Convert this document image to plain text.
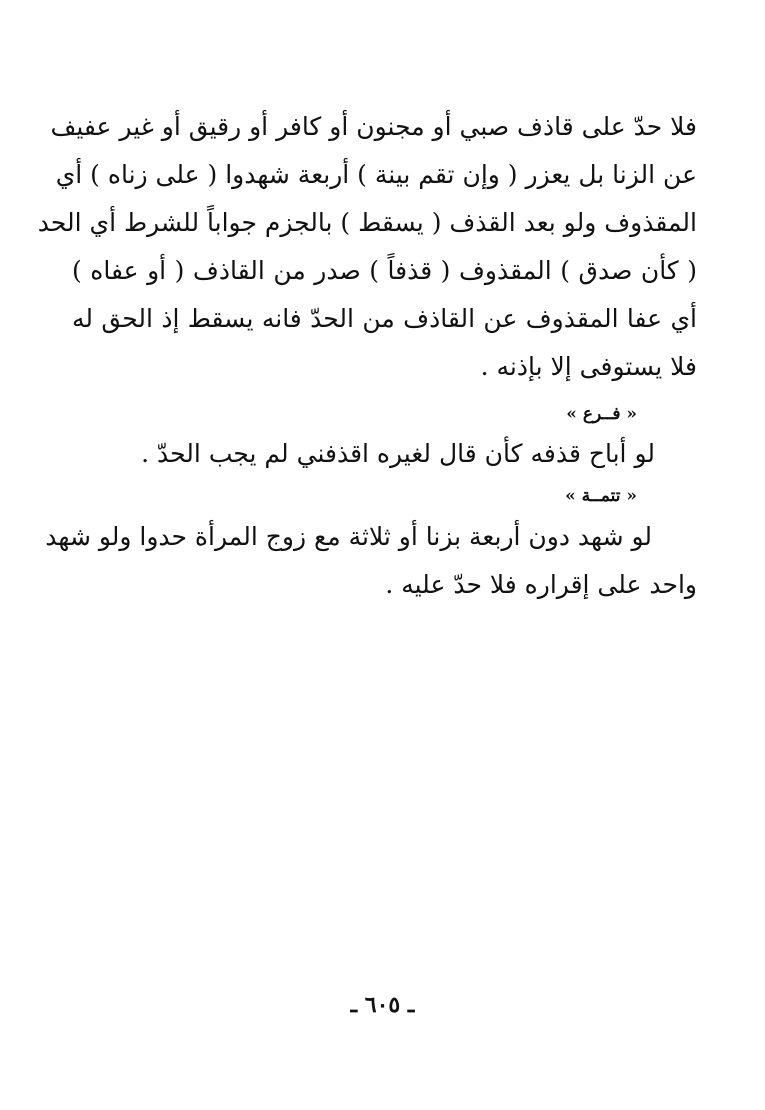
فلا حدّ على قاذف صبي أو مجنون أو كافر أو رقيق أو غير عفيف
عن الزنا بل يعزر ( وإن تقم بينة ) أربعة شهدوا ( على زناه ) أي
المقذوف ولو بعد القذف ( يسقط ) بالجزم جواباً للشرط أي الحد
( كأن صدق ) المقذوف ( قذفاً ) صدر من القاذف ( أو عفاه )
أي عفا المقذوف عن القاذف من الحدّ فانه يسقط إذ الحق له
فلا يستوفى إلا بإذنه .
« فــرع »
لو أباح قذفه كأن قال لغيره اقذفني لم يجب الحدّ .
« تتمــة »
لو شهد دون أربعة بزنا أو ثلاثة مع زوج المرأة حدوا ولو شهد
واحد على إقراره فلا حدّ عليه .
ـ ٦٠٥ ـ
